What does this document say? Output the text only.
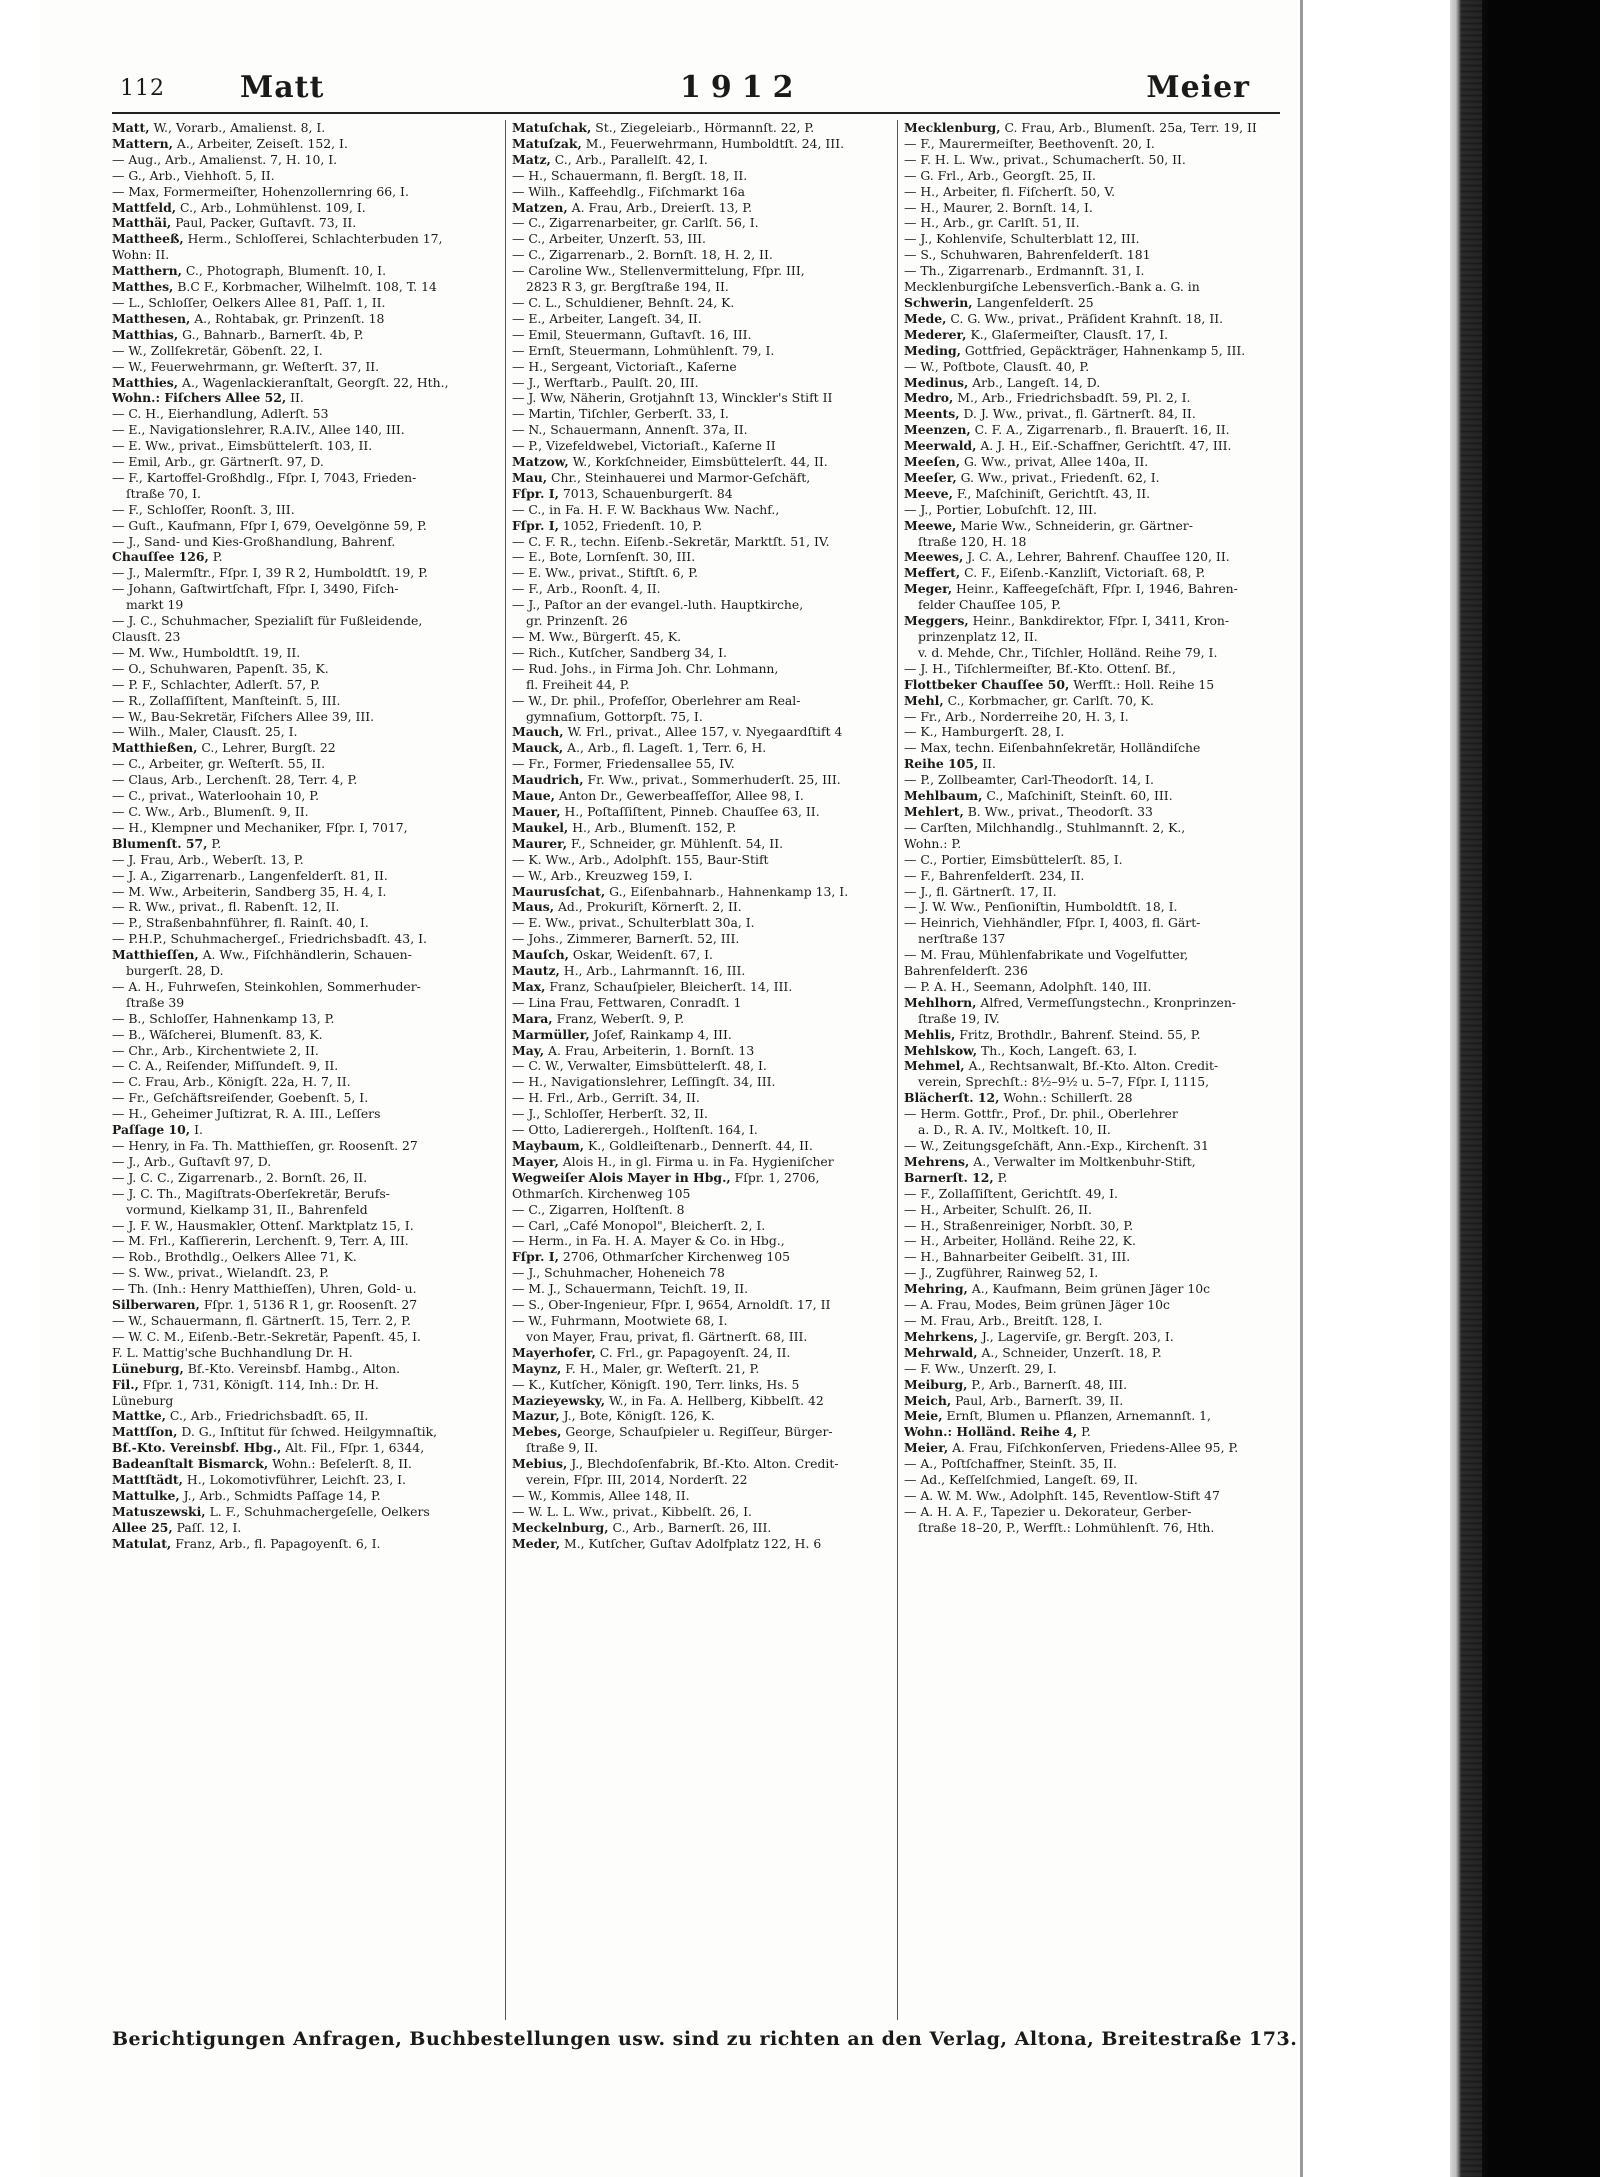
112	Matt	1912	Meier
Matt, W., Vorarb., Amalienst. 8, I.
Mattern, A., Arbeiter, Zeiseſt. 152, I.
— Aug., Arb., Amalienst. 7, H. 10, I.
— G., Arb., Viehhoſt. 5, II.
— Max, Formermeiſter, Hohenzollernring 66, I.
Mattfeld, C., Arb., Lohmühlenst. 109, I.
Matthäi, Paul, Packer, Guſtavſt. 73, II.
Mattheeß, Herm., Schloſſerei, Schlachterbuden 17,
Wohn: II.
Matthern, C., Photograph, Blumenſt. 10, I.
Matthes, B.C F., Korbmacher, Wilhelmſt. 108, T. 14
— L., Schloſſer, Oelkers Allee 81, Paſſ. 1, II.
Matthesen, A., Rohtabak, gr. Prinzenſt. 18
Matthias, G., Bahnarb., Barnerſt. 4b, P.
— W., Zollſekretär, Göbenſt. 22, I.
— W., Feuerwehrmann, gr. Weſterſt. 37, II.
Matthies, A., Wagenlackieranſtalt, Georgſt. 22, Hth.,
Wohn.: Fiſchers Allee 52, II.
— C. H., Eierhandlung, Adlerſt. 53
— E., Navigationslehrer, R.A.IV., Allee 140, III.
— E. Ww., privat., Eimsbüttelerſt. 103, II.
— Emil, Arb., gr. Gärtnerſt. 97, D.
— F., Kartoffel-Großhdlg., Fſpr. I, 7043, Frieden-
ſtraße 70, I.
— F., Schloſſer, Roonſt. 3, III.
— Guſt., Kaufmann, Fſpr I, 679, Oevelgönne 59, P.
— J., Sand- und Kies-Großhandlung, Bahrenf.
Chauſſee 126, P.
— J., Malermſtr., Fſpr. I, 39 R 2, Humboldtſt. 19, P.
— Johann, Gaſtwirtſchaft, Fſpr. I, 3490, Fiſch-
markt 19
— J. C., Schuhmacher, Spezialiſt für Fußleidende,
Clausſt. 23
— M. Ww., Humboldtſt. 19, II.
— O., Schuhwaren, Papenſt. 35, K.
— P. F., Schlachter, Adlerſt. 57, P.
— R., Zollaſſiſtent, Manſteinſt. 5, III.
— W., Bau-Sekretär, Fiſchers Allee 39, III.
— Wilh., Maler, Clausſt. 25, I.
Matthießen, C., Lehrer, Burgſt. 22
— C., Arbeiter, gr. Weſterſt. 55, II.
— Claus, Arb., Lerchenſt. 28, Terr. 4, P.
— C., privat., Waterloohain 10, P.
— C. Ww., Arb., Blumenſt. 9, II.
— H., Klempner und Mechaniker, Fſpr. I, 7017,
Blumenſt. 57, P.
— J. Frau, Arb., Weberſt. 13, P.
— J. A., Zigarrenarb., Langenfelderſt. 81, II.
— M. Ww., Arbeiterin, Sandberg 35, H. 4, I.
— R. Ww., privat., fl. Rabenſt. 12, II.
— P., Straßenbahnführer, fl. Rainſt. 40, I.
— P.H.P., Schuhmachergeſ., Friedrichsbadſt. 43, I.
Matthieſſen, A. Ww., Fiſchhändlerin, Schauen-
burgerſt. 28, D.
— A. H., Fuhrweſen, Steinkohlen, Sommerhuder-
ſtraße 39
— B., Schloſſer, Hahnenkamp 13, P.
— B., Wäſcherei, Blumenſt. 83, K.
— Chr., Arb., Kirchentwiete 2, II.
— C. A., Reiſender, Miſſundeſt. 9, II.
— C. Frau, Arb., Königſt. 22a, H. 7, II.
— Fr., Geſchäftsreiſender, Goebenſt. 5, I.
— H., Geheimer Juſtizrat, R. A. III., Leſſers
Paſſage 10, I.
— Henry, in Fa. Th. Matthieſſen, gr. Roosenſt. 27
— J., Arb., Guſtavſt 97, D.
— J. C. C., Zigarrenarb., 2. Bornſt. 26, II.
— J. C. Th., Magiſtrats-Oberſekretär, Berufs-
vormund, Kielkamp 31, II., Bahrenfeld
— J. F. W., Hausmakler, Ottenſ. Marktplatz 15, I.
— M. Frl., Kaſſiererin, Lerchenſt. 9, Terr. A, III.
— Rob., Brothdlg., Oelkers Allee 71, K.
— S. Ww., privat., Wielandſt. 23, P.
— Th. (Inh.: Henry Matthieſſen), Uhren, Gold- u.
Silberwaren, Fſpr. 1, 5136 R 1, gr. Roosenſt. 27
— W., Schauermann, fl. Gärtnerſt. 15, Terr. 2, P.
— W. C. M., Eiſenb.-Betr.-Sekretär, Papenſt. 45, I.
F. L. Mattig'sche Buchhandlung Dr. H.
Lüneburg, Bf.-Kto. Vereinsbf. Hambg., Alton.
Fil., Fſpr. 1, 731, Königſt. 114, Inh.: Dr. H.
Lüneburg
Mattke, C., Arb., Friedrichsbadſt. 65, II.
Mattſſon, D. G., Inſtitut für ſchwed. Heilgymnaſtik,
Bf.-Kto. Vereinsbf. Hbg., Alt. Fil., Fſpr. 1, 6344,
Badeanſtalt Bismarck, Wohn.: Beſelerſt. 8, II.
Mattſtädt, H., Lokomotivführer, Leichſt. 23, I.
Mattulke, J., Arb., Schmidts Paſſage 14, P.
Matuszewski, L. F., Schuhmachergeſelle, Oelkers
Allee 25, Paſſ. 12, I.
Matulat, Franz, Arb., fl. Papagoyenſt. 6, I.
Matuſchak, St., Ziegeleiarb., Hörmannſt. 22, P.
Matuſzak, M., Feuerwehrmann, Humboldtſt. 24, III.
Matz, C., Arb., Parallelſt. 42, I.
— H., Schauermann, fl. Bergſt. 18, II.
— Wilh., Kaffeehdlg., Fiſchmarkt 16a
Matzen, A. Frau, Arb., Dreierſt. 13, P.
— C., Zigarrenarbeiter, gr. Carlſt. 56, I.
— C., Arbeiter, Unzerſt. 53, III.
— C., Zigarrenarb., 2. Bornſt. 18, H. 2, II.
— Caroline Ww., Stellenvermittelung, Fſpr. III,
2823 R 3, gr. Bergſtraße 194, II.
— C. L., Schuldiener, Behnſt. 24, K.
— E., Arbeiter, Langeſt. 34, II.
— Emil, Steuermann, Guſtavſt. 16, III.
— Ernſt, Steuermann, Lohmühlenſt. 79, I.
— H., Sergeant, Victoriaſt., Kaſerne
— J., Werftarb., Paulſt. 20, III.
— J. Ww, Näherin, Grotjahnſt 13, Winckler's Stift II
— Martin, Tiſchler, Gerberſt. 33, I.
— N., Schauermann, Annenſt. 37a, II.
— P., Vizefeldwebel, Victoriaſt., Kaſerne II
Matzow, W., Korkſchneider, Eimsbüttelerſt. 44, II.
Mau, Chr., Steinhauerei und Marmor-Geſchäft,
Fſpr. I, 7013, Schauenburgerſt. 84
— C., in Fa. H. F. W. Backhaus Ww. Nachf.,
Fſpr. I, 1052, Friedenſt. 10, P.
— C. F. R., techn. Eiſenb.-Sekretär, Marktſt. 51, IV.
— E., Bote, Lornſenſt. 30, III.
— E. Ww., privat., Stiftſt. 6, P.
— F., Arb., Roonſt. 4, II.
— J., Paſtor an der evangel.-luth. Hauptkirche,
gr. Prinzenſt. 26
— M. Ww., Bürgerſt. 45, K.
— Rich., Kutſcher, Sandberg 34, I.
— Rud. Johs., in Firma Joh. Chr. Lohmann,
fl. Freiheit 44, P.
— W., Dr. phil., Profeſſor, Oberlehrer am Real-
gymnaſium, Gottorpſt. 75, I.
Mauch, W. Frl., privat., Allee 157, v. Nyegaardſtift 4
Mauck, A., Arb., fl. Lageſt. 1, Terr. 6, H.
— Fr., Former, Friedensallee 55, IV.
Maudrich, Fr. Ww., privat., Sommerhuderſt. 25, III.
Maue, Anton Dr., Gewerbeaſſeſſor, Allee 98, I.
Mauer, H., Poſtaſſiſtent, Pinneb. Chauſſee 63, II.
Maukel, H., Arb., Blumenſt. 152, P.
Maurer, F., Schneider, gr. Mühlenſt. 54, II.
— K. Ww., Arb., Adolphſt. 155, Baur-Stift
— W., Arb., Kreuzweg 159, I.
Maurusſchat, G., Eiſenbahnarb., Hahnenkamp 13, I.
Maus, Ad., Prokuriſt, Körnerſt. 2, II.
— E. Ww., privat., Schulterblatt 30a, I.
— Johs., Zimmerer, Barnerſt. 52, III.
Mauſch, Oskar, Weidenſt. 67, I.
Mautz, H., Arb., Lahrmannſt. 16, III.
Max, Franz, Schauſpieler, Bleicherſt. 14, III.
— Lina Frau, Fettwaren, Conradſt. 1
Mara, Franz, Weberſt. 9, P.
Marmüller, Joſef, Rainkamp 4, III.
May, A. Frau, Arbeiterin, 1. Bornſt. 13
— C. W., Verwalter, Eimsbüttelerſt. 48, I.
— H., Navigationslehrer, Leſſingſt. 34, III.
— H. Frl., Arb., Gerriſt. 34, II.
— J., Schloſſer, Herberſt. 32, II.
— Otto, Ladierergeh., Holſtenſt. 164, I.
Maybaum, K., Goldleiſtenarb., Dennerſt. 44, II.
Mayer, Alois H., in gl. Firma u. in Fa. Hygieniſcher
Wegweiſer Alois Mayer in Hbg., Fſpr. 1, 2706,
Othmarſch. Kirchenweg 105
— C., Zigarren, Holſtenſt. 8
— Carl, „Café Monopol", Bleicherſt. 2, I.
— Herm., in Fa. H. A. Mayer & Co. in Hbg.,
Fſpr. I, 2706, Othmarſcher Kirchenweg 105
— J., Schuhmacher, Hoheneich 78
— M. J., Schauermann, Teichſt. 19, II.
— S., Ober-Ingenieur, Fſpr. I, 9654, Arnoldſt. 17, II
— W., Fuhrmann, Mootwiete 68, I.
von Mayer, Frau, privat, fl. Gärtnerſt. 68, III.
Mayerhofer, C. Frl., gr. Papagoyenſt. 24, II.
Maynz, F. H., Maler, gr. Weſterſt. 21, P.
— K., Kutſcher, Königſt. 190, Terr. links, Hs. 5
Mazieyewsky, W., in Fa. A. Hellberg, Kibbelſt. 42
Mazur, J., Bote, Königſt. 126, K.
Mebes, George, Schauſpieler u. Regiſſeur, Bürger-
ſtraße 9, II.
Mebius, J., Blechdoſenfabrik, Bf.-Kto. Alton. Credit-
verein, Fſpr. III, 2014, Norderſt. 22
— W., Kommis, Allee 148, II.
— W. L. L. Ww., privat., Kibbelſt. 26, I.
Meckelnburg, C., Arb., Barnerſt. 26, III.
Meder, M., Kutſcher, Guſtav Adolfplatz 122, H. 6
Mecklenburg, C. Frau, Arb., Blumenſt. 25a, Terr. 19, II
— F., Maurermeiſter, Beethovenſt. 20, I.
— F. H. L. Ww., privat., Schumacherſt. 50, II.
— G. Frl., Arb., Georgſt. 25, II.
— H., Arbeiter, fl. Fiſcherſt. 50, V.
— H., Maurer, 2. Bornſt. 14, I.
— H., Arb., gr. Carlſt. 51, II.
— J., Kohlenviſe, Schulterblatt 12, III.
— S., Schuhwaren, Bahrenfelderſt. 181
— Th., Zigarrenarb., Erdmannſt. 31, I.
Mecklenburgiſche Lebensverſich.-Bank a. G. in
Schwerin, Langenfelderſt. 25
Mede, C. G. Ww., privat., Präſident Krahnſt. 18, II.
Mederer, K., Glaſermeiſter, Clausſt. 17, I.
Meding, Gottfried, Gepäckträger, Hahnenkamp 5, III.
— W., Poſtbote, Clausſt. 40, P.
Medinus, Arb., Langeſt. 14, D.
Medro, M., Arb., Friedrichsbadſt. 59, Pl. 2, I.
Meents, D. J. Ww., privat., fl. Gärtnerſt. 84, II.
Meenzen, C. F. A., Zigarrenarb., fl. Brauerſt. 16, II.
Meerwald, A. J. H., Eiſ.-Schaffner, Gerichtſt. 47, III.
Meeſen, G. Ww., privat, Allee 140a, II.
Meeſer, G. Ww., privat., Friedenſt. 62, I.
Meeve, F., Maſchiniſt, Gerichtſt. 43, II.
— J., Portier, Lobuſchſt. 12, III.
Meewe, Marie Ww., Schneiderin, gr. Gärtner-
ſtraße 120, H. 18
Meewes, J. C. A., Lehrer, Bahrenf. Chauſſee 120, II.
Meffert, C. F., Eiſenb.-Kanzliſt, Victoriaſt. 68, P.
Meger, Heinr., Kaffeegeſchäft, Fſpr. I, 1946, Bahren-
felder Chauſſee 105, P.
Meggers, Heinr., Bankdirektor, Fſpr. I, 3411, Kron-
prinzenplatz 12, II.
v. d. Mehde, Chr., Tiſchler, Holländ. Reihe 79, I.
— J. H., Tiſchlermeiſter, Bf.-Kto. Ottenſ. Bf.,
Flottbeker Chauſſee 50, Werfſt.: Holl. Reihe 15
Mehl, C., Korbmacher, gr. Carlſt. 70, K.
— Fr., Arb., Norderreihe 20, H. 3, I.
— K., Hamburgerſt. 28, I.
— Max, techn. Eiſenbahnſekretär, Holländiſche
Reihe 105, II.
— P., Zollbeamter, Carl-Theodorſt. 14, I.
Mehlbaum, C., Maſchiniſt, Steinſt. 60, III.
Mehlert, B. Ww., privat., Theodorſt. 33
— Carſten, Milchhandlg., Stuhlmannſt. 2, K.,
Wohn.: P.
— C., Portier, Eimsbüttelerſt. 85, I.
— F., Bahrenfelderſt. 234, II.
— J., fl. Gärtnerſt. 17, II.
— J. W. Ww., Penſioniſtin, Humboldtſt. 18, I.
— Heinrich, Viehhändler, Fſpr. I, 4003, fl. Gärt-
nerſtraße 137
— M. Frau, Mühlenfabrikate und Vogelfutter,
Bahrenfelderſt. 236
— P. A. H., Seemann, Adolphſt. 140, III.
Mehlhorn, Alfred, Vermeſſungstechn., Kronprinzen-
ſtraße 19, IV.
Mehlis, Fritz, Brothdlr., Bahrenf. Steind. 55, P.
Mehlskow, Th., Koch, Langeſt. 63, I.
Mehmel, A., Rechtsanwalt, Bf.-Kto. Alton. Credit-
verein, Sprechſt.: 8½–9½ u. 5–7, Fſpr. I, 1115,
Blächerſt. 12, Wohn.: Schillerſt. 28
— Herm. Gottfr., Prof., Dr. phil., Oberlehrer
a. D., R. A. IV., Moltkeſt. 10, II.
— W., Zeitungsgeſchäft, Ann.-Exp., Kirchenſt. 31
Mehrens, A., Verwalter im Moltkenbuhr-Stift,
Barnerſt. 12, P.
— F., Zollaſſiſtent, Gerichtſt. 49, I.
— H., Arbeiter, Schulſt. 26, II.
— H., Straßenreiniger, Norbſt. 30, P.
— H., Arbeiter, Holländ. Reihe 22, K.
— H., Bahnarbeiter Geibelſt. 31, III.
— J., Zugführer, Rainweg 52, I.
Mehring, A., Kaufmann, Beim grünen Jäger 10c
— A. Frau, Modes, Beim grünen Jäger 10c
— M. Frau, Arb., Breitſt. 128, I.
Mehrkens, J., Lagerviſe, gr. Bergſt. 203, I.
Mehrwald, A., Schneider, Unzerſt. 18, P.
— F. Ww., Unzerſt. 29, I.
Meiburg, P., Arb., Barnerſt. 48, III.
Meich, Paul, Arb., Barnerſt. 39, II.
Meie, Ernſt, Blumen u. Pflanzen, Arnemannſt. 1,
Wohn.: Holländ. Reihe 4, P.
Meier, A. Frau, Fiſchkonſerven, Friedens-Allee 95, P.
— A., Poſtſchaffner, Steinſt. 35, II.
— Ad., Keſſelſchmied, Langeſt. 69, II.
— A. W. M. Ww., Adolphſt. 145, Reventlow-Stift 47
— A. H. A. F., Tapezier u. Dekorateur, Gerber-
ſtraße 18–20, P., Werfſt.: Lohmühlenſt. 76, Hth.
Berichtigungen Anfragen, Buchbestellungen usw. sind zu richten an den Verlag, Altona, Breitestraße 173.
